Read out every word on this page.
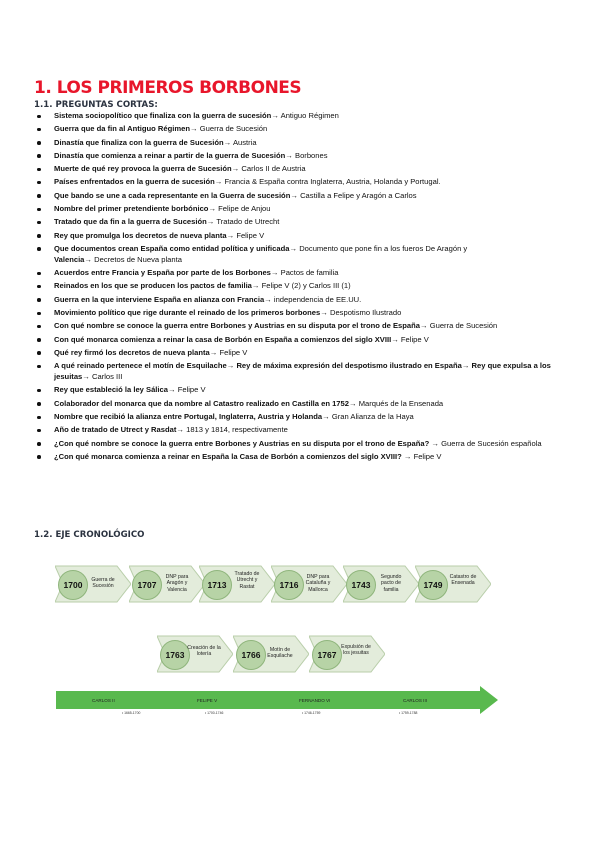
1. LOS PRIMEROS BORBONES
1.1. PREGUNTAS CORTAS:
Sistema sociopolítico que finaliza con la guerra de sucesión→ Antiguo Régimen
Guerra que da fin al Antiguo Régimen→ Guerra de Sucesión
Dinastía que finaliza con la guerra de Sucesión→ Austria
Dinastía que comienza a reinar a partir de la guerra de Sucesión→ Borbones
Muerte de qué rey provoca la guerra de Sucesión→ Carlos II de Austria
Países enfrentados en la guerra de sucesión→ Francia & España contra Inglaterra, Austria, Holanda y Portugal.
Que bando se une a cada representante en la Guerra de sucesión→ Castilla a Felipe y Aragón a Carlos
Nombre del primer pretendiente borbónico→ Felipe de Anjou
Tratado que da fin a la guerra de Sucesión→ Tratado de Utrecht
Rey que promulga los decretos de nueva planta→ Felipe V
Que documentos crean España como entidad política y unificada→ Documento que pone fin a los fueros De Aragón y
Valencia→ Decretos de Nueva planta
Acuerdos entre Francia y España por parte de los Borbones→ Pactos de familia
Reinados en los que se producen los pactos de familia→ Felipe V (2) y Carlos III (1)
Guerra en la que interviene España en alianza con Francia→ independencia de EE.UU.
Movimiento político que rige durante el reinado de los primeros borbones→ Despotismo Ilustrado
Con qué nombre se conoce la guerra entre Borbones y Austrias en su disputa por el trono de España→ Guerra de Sucesión
Con qué monarca comienza a reinar la casa de Borbón en España a comienzos del siglo XVIII→ Felipe V
Qué rey firmó los decretos de nueva planta→ Felipe V
A qué reinado pertenece el motín de Esquilache→ Rey de máxima expresión del despotismo ilustrado en España→ Rey que expulsa a los jesuitas→ Carlos III
Rey que estableció la ley Sálica→ Felipe V
Colaborador del monarca que da nombre al Catastro realizado en Castilla en 1752→ Marqués de la Ensenada
Nombre que recibió la alianza entre Portugal, Inglaterra, Austria y Holanda→ Gran Alianza de la Haya
Año de tratado de Utrect y Rasdat→ 1813 y 1814, respectivamente
¿Con qué nombre se conoce la guerra entre Borbones y Austrias en su disputa por el trono de España? → Guerra de Sucesión española
¿Con qué monarca comienza a reinar en España la Casa de Borbón a comienzos del siglo XVIII? → Felipe V
1.2. EJE CRONOLÓGICO
1700	Guerra de Sucesión	1707
DNP para Aragón y Valencia	1713
Tratado de Utrecht y Rastat	1716
DNP para Cataluña y Mallorca	1743
Segundo pacto de familia	1749
Catastro de Ensenada
1763
Creación de la lotería	1766	Motín de Esquilache	1767
Expulsión de los jesuitas
CARLOS II	FELIPE V	FERNANDO VI	CARLOS III
• 1665-1700	• 1700-1746	• 1746-1759	• 1759-1788
